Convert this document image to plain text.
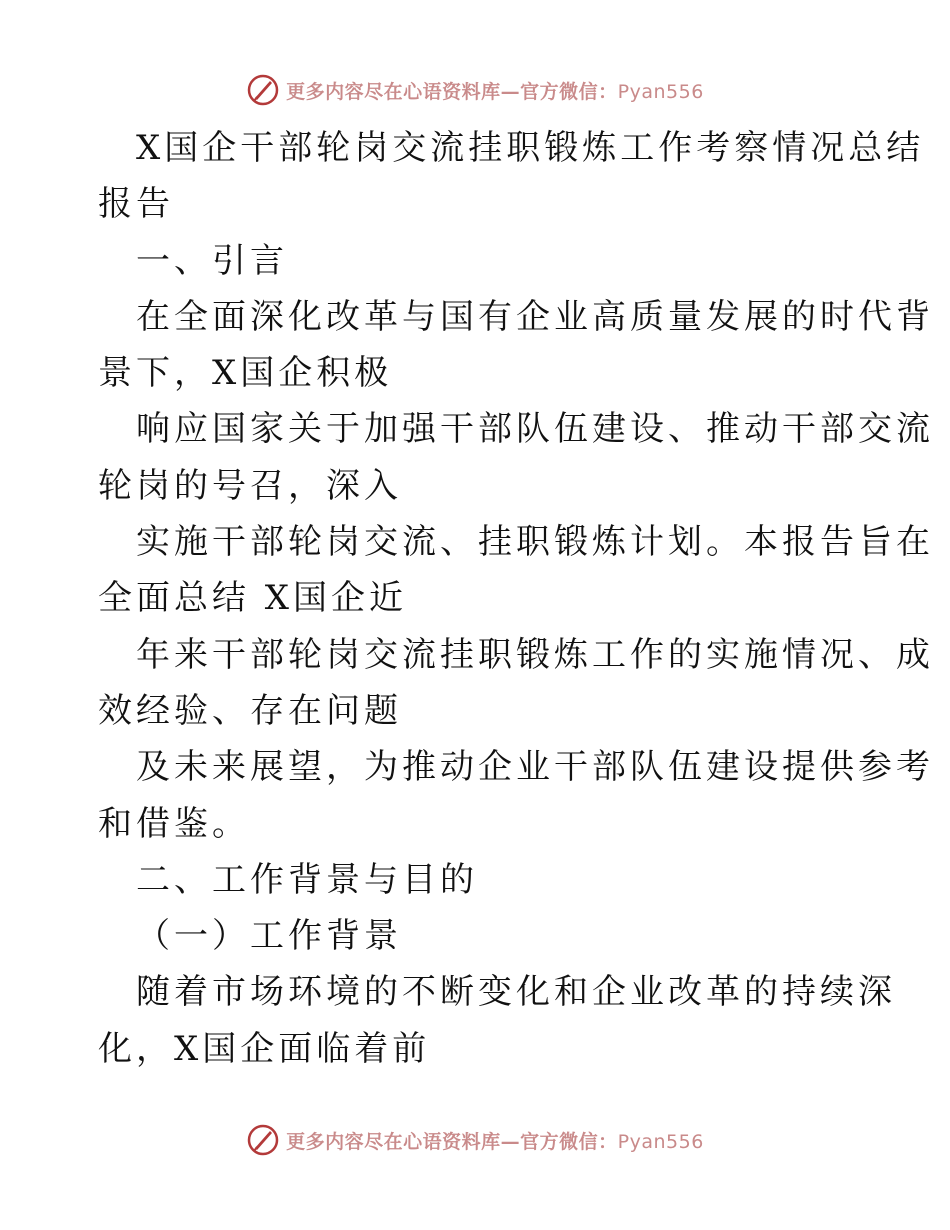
更多内容尽在心语资料库—官方微信：Pyan556
X国企干部轮岗交流挂职锻炼工作考察情况总结
报告
一、引言
在全面深化改革与国有企业高质量发展的时代背
景下，X国企积极
响应国家关于加强干部队伍建设、推动干部交流
轮岗的号召，深入
实施干部轮岗交流、挂职锻炼计划。本报告旨在
全面总结 X国企近
年来干部轮岗交流挂职锻炼工作的实施情况、成
效经验、存在问题
及未来展望，为推动企业干部队伍建设提供参考
和借鉴。
二、工作背景与目的
（一）工作背景
随着市场环境的不断变化和企业改革的持续深
化，X国企面临着前
更多内容尽在心语资料库—官方微信：Pyan556
